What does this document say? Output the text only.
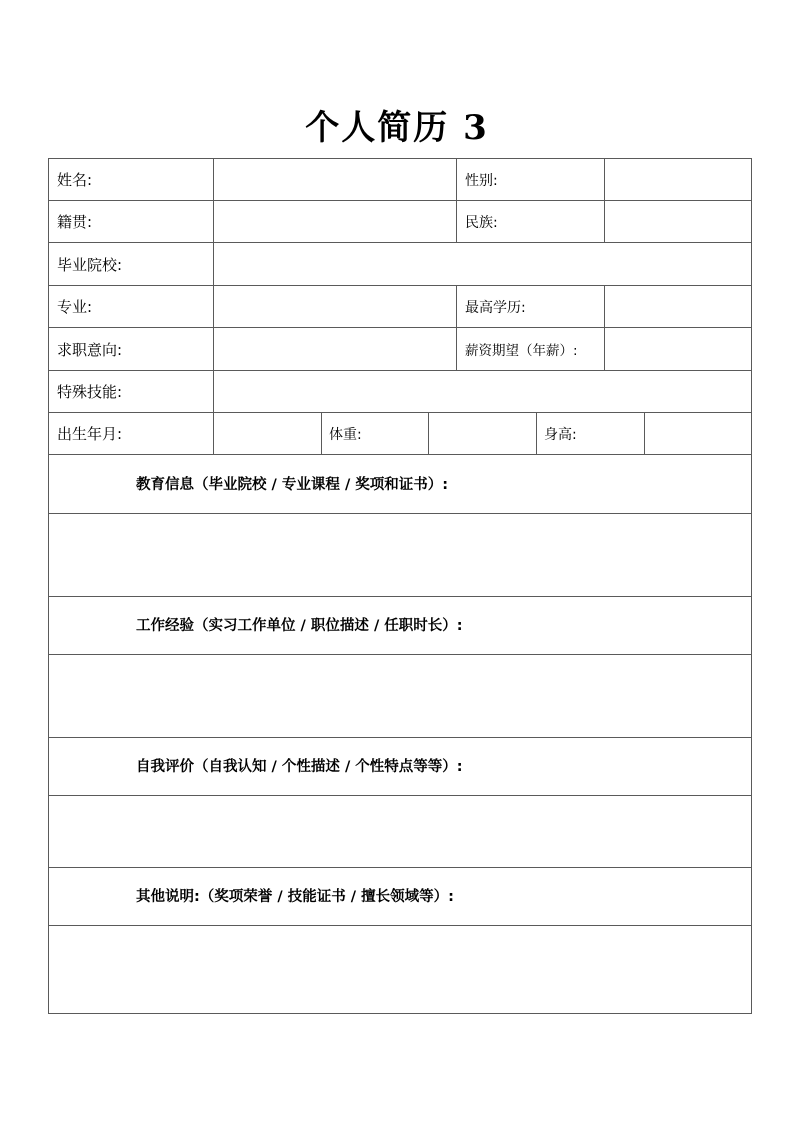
个人简历 3
姓名:	性别:
籍贯:	民族:
毕业院校:
专业:	最高学历:
求职意向:	薪资期望（年薪）:
特殊技能:
出生年月:	体重:	身高:
教育信息（毕业院校 / 专业课程 / 奖项和证书）:
工作经验（实习工作单位 / 职位描述 / 任职时长）:
自我评价（自我认知 / 个性描述 / 个性特点等等）:
其他说明:（奖项荣誉 / 技能证书 / 擅长领域等）:
